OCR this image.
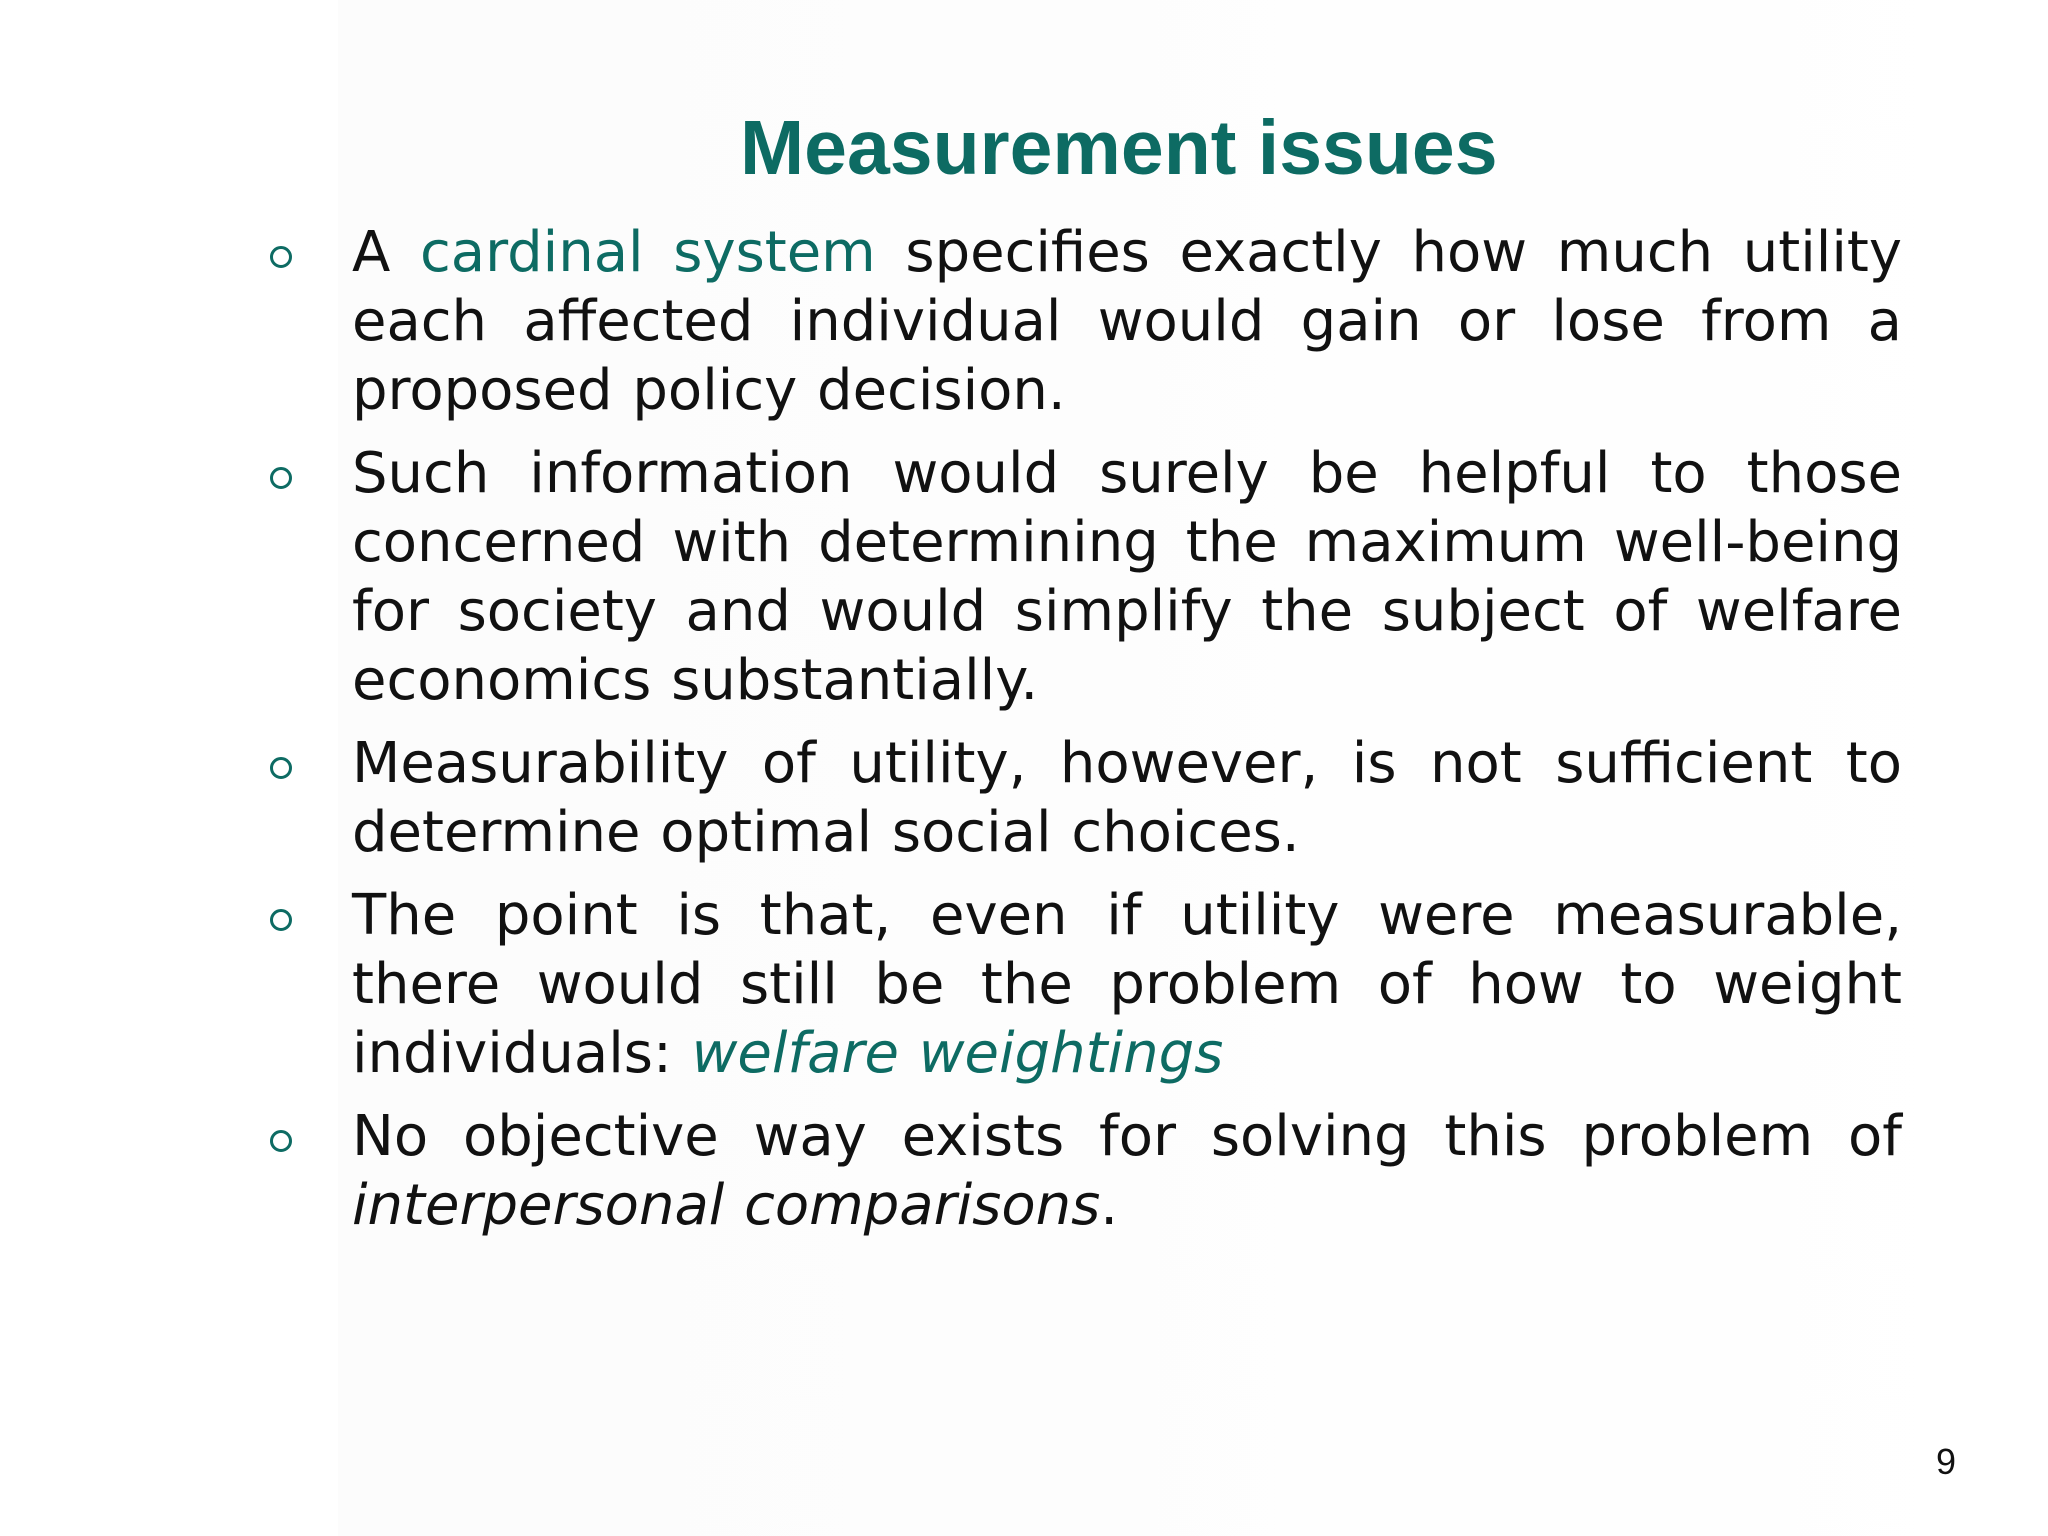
Measurement issues
A cardinal system specifies exactly how much utility each affected individual would gain or lose from a proposed policy decision.
Such information would surely be helpful to those concerned with determining the maximum well-being for society and would simplify the subject of welfare economics substantially.
Measurability of utility, however, is not sufficient to determine optimal social choices.
The point is that, even if utility were measurable, there would still be the problem of how to weight individuals: welfare weightings
No objective way exists for solving this problem of interpersonal comparisons.
9
